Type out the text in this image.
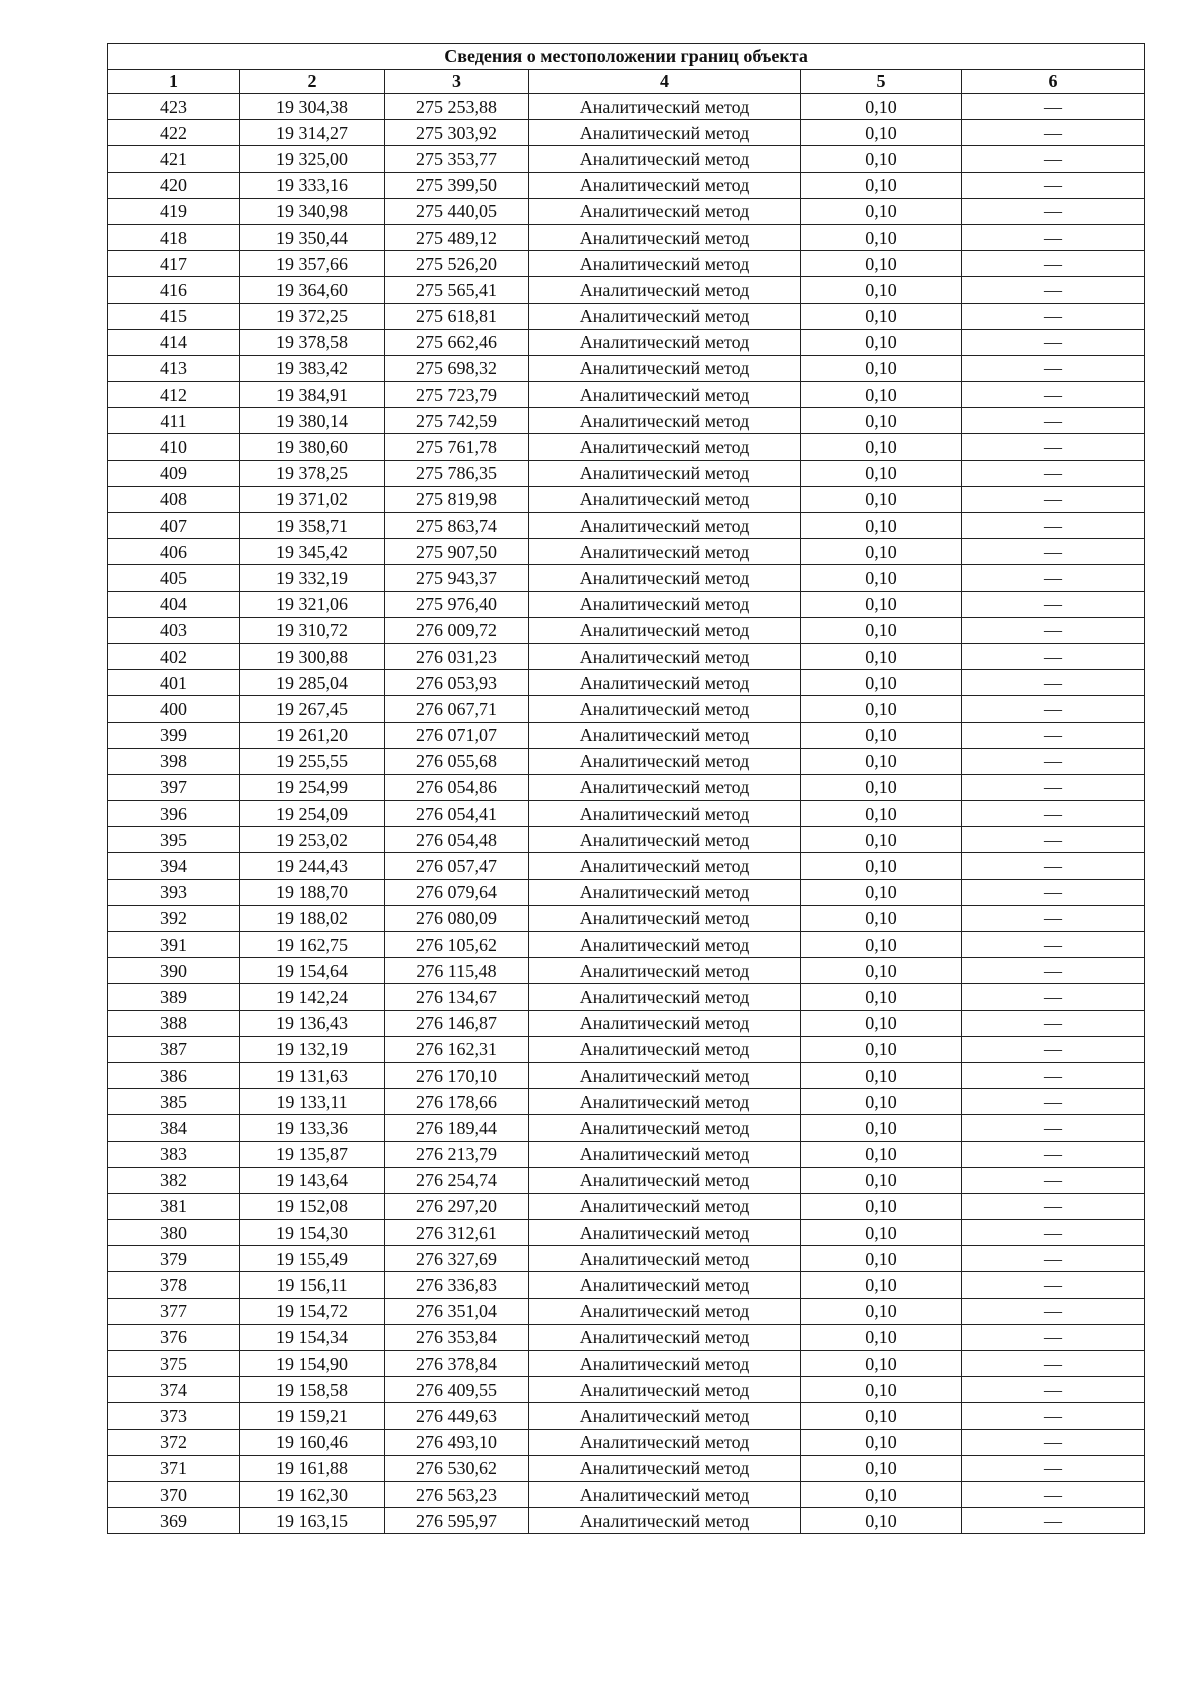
Сведения о местоположении границ объекта					
1	2	3	4	5	6
423	19 304,38	275 253,88	Аналитический метод	0,10	—
422	19 314,27	275 303,92	Аналитический метод	0,10	—
421	19 325,00	275 353,77	Аналитический метод	0,10	—
420	19 333,16	275 399,50	Аналитический метод	0,10	—
419	19 340,98	275 440,05	Аналитический метод	0,10	—
418	19 350,44	275 489,12	Аналитический метод	0,10	—
417	19 357,66	275 526,20	Аналитический метод	0,10	—
416	19 364,60	275 565,41	Аналитический метод	0,10	—
415	19 372,25	275 618,81	Аналитический метод	0,10	—
414	19 378,58	275 662,46	Аналитический метод	0,10	—
413	19 383,42	275 698,32	Аналитический метод	0,10	—
412	19 384,91	275 723,79	Аналитический метод	0,10	—
411	19 380,14	275 742,59	Аналитический метод	0,10	—
410	19 380,60	275 761,78	Аналитический метод	0,10	—
409	19 378,25	275 786,35	Аналитический метод	0,10	—
408	19 371,02	275 819,98	Аналитический метод	0,10	—
407	19 358,71	275 863,74	Аналитический метод	0,10	—
406	19 345,42	275 907,50	Аналитический метод	0,10	—
405	19 332,19	275 943,37	Аналитический метод	0,10	—
404	19 321,06	275 976,40	Аналитический метод	0,10	—
403	19 310,72	276 009,72	Аналитический метод	0,10	—
402	19 300,88	276 031,23	Аналитический метод	0,10	—
401	19 285,04	276 053,93	Аналитический метод	0,10	—
400	19 267,45	276 067,71	Аналитический метод	0,10	—
399	19 261,20	276 071,07	Аналитический метод	0,10	—
398	19 255,55	276 055,68	Аналитический метод	0,10	—
397	19 254,99	276 054,86	Аналитический метод	0,10	—
396	19 254,09	276 054,41	Аналитический метод	0,10	—
395	19 253,02	276 054,48	Аналитический метод	0,10	—
394	19 244,43	276 057,47	Аналитический метод	0,10	—
393	19 188,70	276 079,64	Аналитический метод	0,10	—
392	19 188,02	276 080,09	Аналитический метод	0,10	—
391	19 162,75	276 105,62	Аналитический метод	0,10	—
390	19 154,64	276 115,48	Аналитический метод	0,10	—
389	19 142,24	276 134,67	Аналитический метод	0,10	—
388	19 136,43	276 146,87	Аналитический метод	0,10	—
387	19 132,19	276 162,31	Аналитический метод	0,10	—
386	19 131,63	276 170,10	Аналитический метод	0,10	—
385	19 133,11	276 178,66	Аналитический метод	0,10	—
384	19 133,36	276 189,44	Аналитический метод	0,10	—
383	19 135,87	276 213,79	Аналитический метод	0,10	—
382	19 143,64	276 254,74	Аналитический метод	0,10	—
381	19 152,08	276 297,20	Аналитический метод	0,10	—
380	19 154,30	276 312,61	Аналитический метод	0,10	—
379	19 155,49	276 327,69	Аналитический метод	0,10	—
378	19 156,11	276 336,83	Аналитический метод	0,10	—
377	19 154,72	276 351,04	Аналитический метод	0,10	—
376	19 154,34	276 353,84	Аналитический метод	0,10	—
375	19 154,90	276 378,84	Аналитический метод	0,10	—
374	19 158,58	276 409,55	Аналитический метод	0,10	—
373	19 159,21	276 449,63	Аналитический метод	0,10	—
372	19 160,46	276 493,10	Аналитический метод	0,10	—
371	19 161,88	276 530,62	Аналитический метод	0,10	—
370	19 162,30	276 563,23	Аналитический метод	0,10	—
369	19 163,15	276 595,97	Аналитический метод	0,10	—
